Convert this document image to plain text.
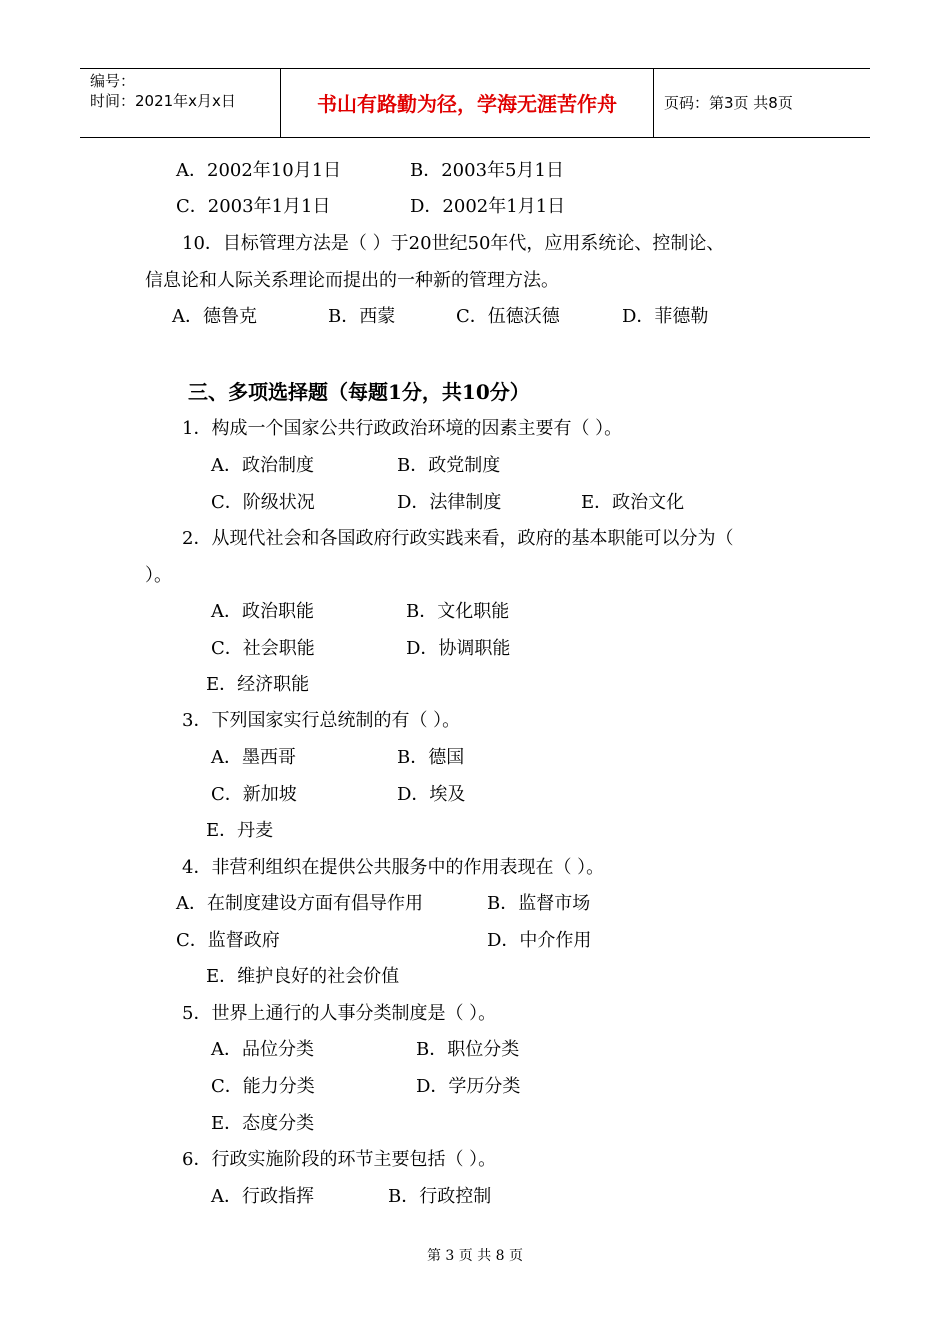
编号：
时间：2021年x月x日	书山有路勤为径，学海无涯苦作舟	页码：第3页 共8页
A．2002年10月1日	B．2003年5月1日
C．2003年1月1日	D．2002年1月1日
10．目标管理方法是（ ）于20世纪50年代，应用系统论、控制论、
信息论和人际关系理论而提出的一种新的管理方法。
A．德鲁克	B．西蒙	C．伍德沃德	D．菲德勒
三、多项选择题（每题1分，共10分）
1．构成一个国家公共行政政治环境的因素主要有（ ）。
A．政治制度	B．政党制度
C．阶级状况	D．法律制度	E．政治文化
2．从现代社会和各国政府行政实践来看，政府的基本职能可以分为（
）。
A．政治职能	B．文化职能
C．社会职能	D．协调职能
E．经济职能
3．下列国家实行总统制的有（ ）。
A．墨西哥	B．德国
C．新加坡	D．埃及
E．丹麦
4．非营利组织在提供公共服务中的作用表现在（ ）。
A．在制度建设方面有倡导作用	B．监督市场
C．监督政府	D．中介作用
E．维护良好的社会价值
5．世界上通行的人事分类制度是（ ）。
A．品位分类	B．职位分类
C．能力分类	D．学历分类
E．态度分类
6．行政实施阶段的环节主要包括（ ）。
A．行政指挥	B．行政控制
第 3 页 共 8 页
